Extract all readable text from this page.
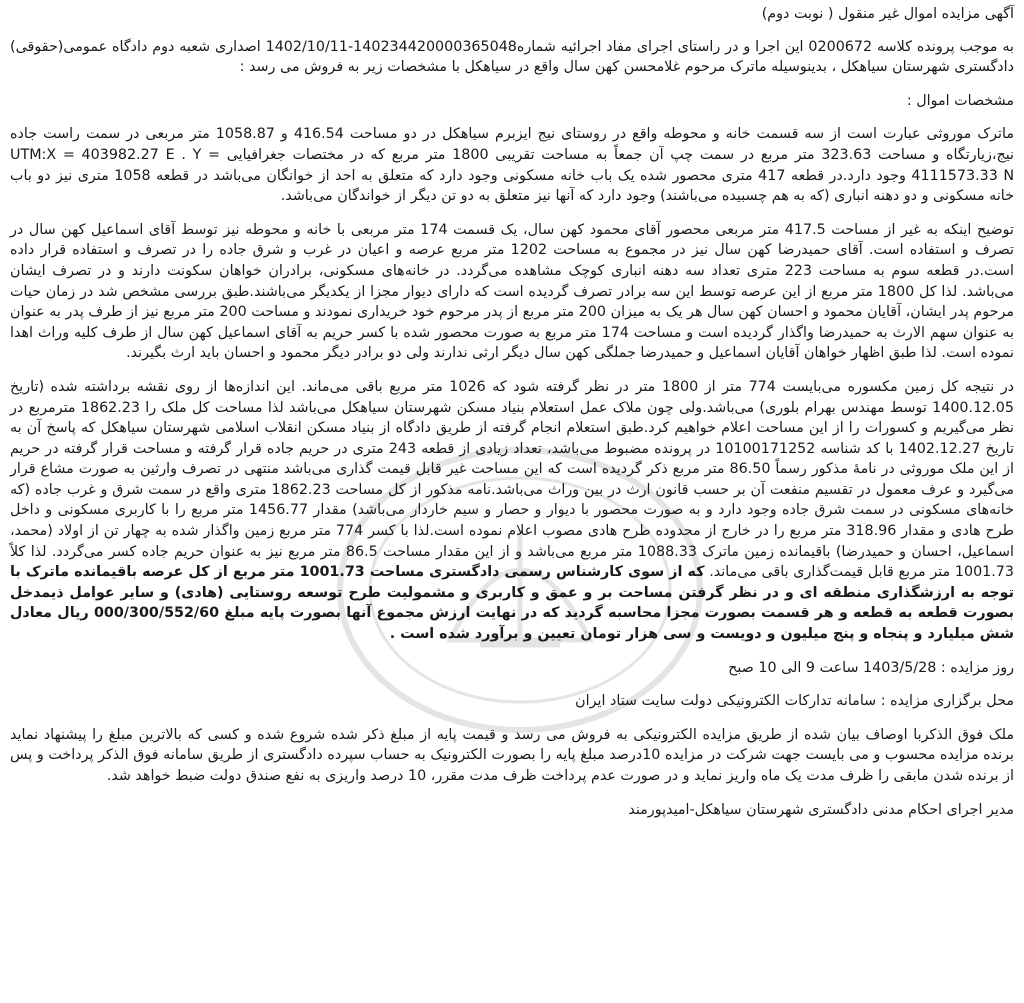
آگهی مزایده اموال غیر منقول ( نوبت دوم)

به موجب پرونده کلاسه 0200672 این اجرا و در راستای اجرای مفاد اجرائیه شماره140234420000365048-1402/10/11 اصداری شعبه دوم دادگاه عمومی(حقوقی) دادگستری شهرستان سیاهکل ، بدینوسیله ماترک مرحوم غلامحسن کهن سال واقع در سیاهکل با مشخصات زیر به فروش می رسد :

مشخصات اموال :

ماترک موروثی عبارت است از سه قسمت خانه و محوطه واقع در روستای نیج ایزبرم سیاهکل در دو مساحت 416.54 و 1058.87 متر مربعی در سمت راست جاده نیج،زیارتگاه و مساحت 323.63 متر مربع در سمت چپ آن جمعاً به مساحت تقریبی 1800 متر مربع که در مختصات جغرافیایی UTM:X = 403982.27 E . Y = 4111573.33 N وجود دارد.در قطعه 417 متری محصور شده یک باب خانه مسکونی وجود دارد که متعلق به احد از خوانگان می‌باشد در قطعه 1058 متری نیز دو باب خانه مسکونی و دو دهنه انباری (که به هم چسبیده می‌باشند) وجود دارد که آنها نیز متعلق به دو تن دیگر از خواندگان می‌باشد.

توضیح اینکه به غیر از مساحت 417.5 متر مربعی محصور آقای محمود کهن سال، یک قسمت 174 متر مربعی با خانه و محوطه نیز توسط آقای اسماعیل کهن سال در تصرف و استفاده است. آقای حمیدرضا کهن سال نیز در مجموع به مساحت 1202 متر مربع عرصه و اعیان در غرب و شرق جاده را در تصرف و استفاده قرار داده است.در قطعه سوم به مساحت 223 متری تعداد سه دهنه انباری کوچک مشاهده می‌گردد. در خانه‌های مسکونی، برادران خواهان سکونت دارند و در تصرف ایشان می‌باشد. لذا کل 1800 متر مربع از این عرصه توسط این سه برادر تصرف گردیده است که دارای دیوار مجزا از یکدیگر می‌باشند.طبق بررسی مشخص شد در زمان حیات مرحوم پدر ایشان، آقایان محمود و احسان کهن سال هر یک به میزان 200 متر مربع از پدر مرحوم خود خریداری نمودند و مساحت 200 متر مربع نیز از طرف پدر به عنوان به عنوان سهم الارث به حمیدرضا واگذار گردیده است و مساحت 174 متر مربع به صورت محصور شده با کسر حریم به آقای اسماعیل کهن سال از طرف کلیه وراث اهدا نموده است. لذا طبق اظهار خواهان آقایان اسماعیل و حمیدرضا جملگی کهن سال دیگر ارثی ندارند ولی دو برادر دیگر محمود و احسان باید ارث بگیرند.

در نتیجه کل زمین مکسوره می‌بایست 774 متر از 1800 متر در نظر گرفته شود که 1026 متر مربع باقی می‌ماند. این اندازه‌ها از روی نقشه برداشته شده (تاریخ 1400.12.05 توسط مهندس بهرام بلوری) می‌باشد.ولی چون ملاک عمل استعلام بنیاد مسکن شهرستان سیاهکل می‌باشد لذا مساحت کل ملک را 1862.23 مترمربع در نظر می‌گیریم و کسورات را از این مساحت اعلام خواهیم کرد.طبق استعلام انجام گرفته از طریق دادگاه از بنیاد مسکن انقلاب اسلامی شهرستان سیاهکل که پاسخ آن به تاریخ 1402.12.27 با کد شناسه 10100171252 در پرونده مضبوط می‌باشد، تعداد زیادی از قطعه 243 متری در حریم جاده قرار گرفته و مساحت قرار گرفته در حریم از این ملک موروثی در نامهٔ مذکور رسماً 86.50 متر مربع ذکر گردیده است که این مساحت غیر قابل قیمت گذاری می‌باشد منتهی در تصرف وارثین به صورت مشاع قرار می‌گیرد و عرف معمول در تقسیم منفعت آن بر حسب قانون ارث در بین وراث می‌باشد.نامه مذکور از کل مساحت 1862.23 متری واقع در سمت شرق و غرب جاده (که خانه‌های مسکونی در سمت شرق جاده وجود دارد و به صورت محصور با دیوار و حصار و سیم خاردار می‌باشد) مقدار 1456.77 متر مربع را با کاربری مسکونی و داخل طرح هادی و مقدار 318.96 متر مربع را در خارج از محدوده طرح هادی مصوب اعلام نموده است.لذا با کسر 774 متر مربع زمین واگذار شده به چهار تن از اولاد (محمد، اسماعیل، احسان و حمیدرضا) باقیمانده زمین ماترک 1088.33 متر مربع می‌باشد و از این مقدار مساحت 86.5 متر مربع نیز به عنوان حریم جاده کسر می‌گردد. لذا کلاً 1001.73 متر مربع قابل قیمت‌گذاری باقی می‌ماند. که از سوی کارشناس رسمی دادگستری مساحت 1001.73 متر مربع از کل عرصه باقیمانده ماترک با توجه به ارزشگذاری منطقه ای و در نظر گرفتن مساحت بر و عمق و کاربری و مشمولیت طرح توسعه روستایی (هادی) و سایر عوامل ذیمدخل بصورت قطعه به قطعه و هر قسمت بصورت مجزا محاسبه گردید که در نهایت ارزش مجموع آنها بصورت پایه مبلغ 000/300/552/60 ریال معادل شش میلیارد و پنجاه و پنج میلیون و دویست و سی هزار تومان تعیین و برآورد شده است .

روز مزایده : 1403/5/28 ساعت 9 الی 10 صبح

محل برگزاری مزایده : سامانه تدارکات الکترونیکی دولت سایت ستاد ایران

ملک فوق الذکربا اوصاف بیان شده از طریق مزایده الکترونیکی به فروش می رسد و قیمت پایه از مبلغ ذکر شده شروع شده و کسی که بالاترین مبلغ را پیشنهاد نماید برنده مزایده محسوب و می بایست جهت شرکت در مزایده 10درصد مبلغ پایه را بصورت الکترونیک به حساب سپرده دادگستری از طریق سامانه فوق الذکر پرداخت و پس از برنده شدن مابقی را ظرف مدت یک ماه واریز نماید و در صورت عدم پرداخت ظرف مدت مقرر، 10 درصد واریزی به نفع صندق دولت ضبط خواهد شد.

مدیر اجرای احکام مدنی دادگستری شهرستان سیاهکل-امیدپورمند
